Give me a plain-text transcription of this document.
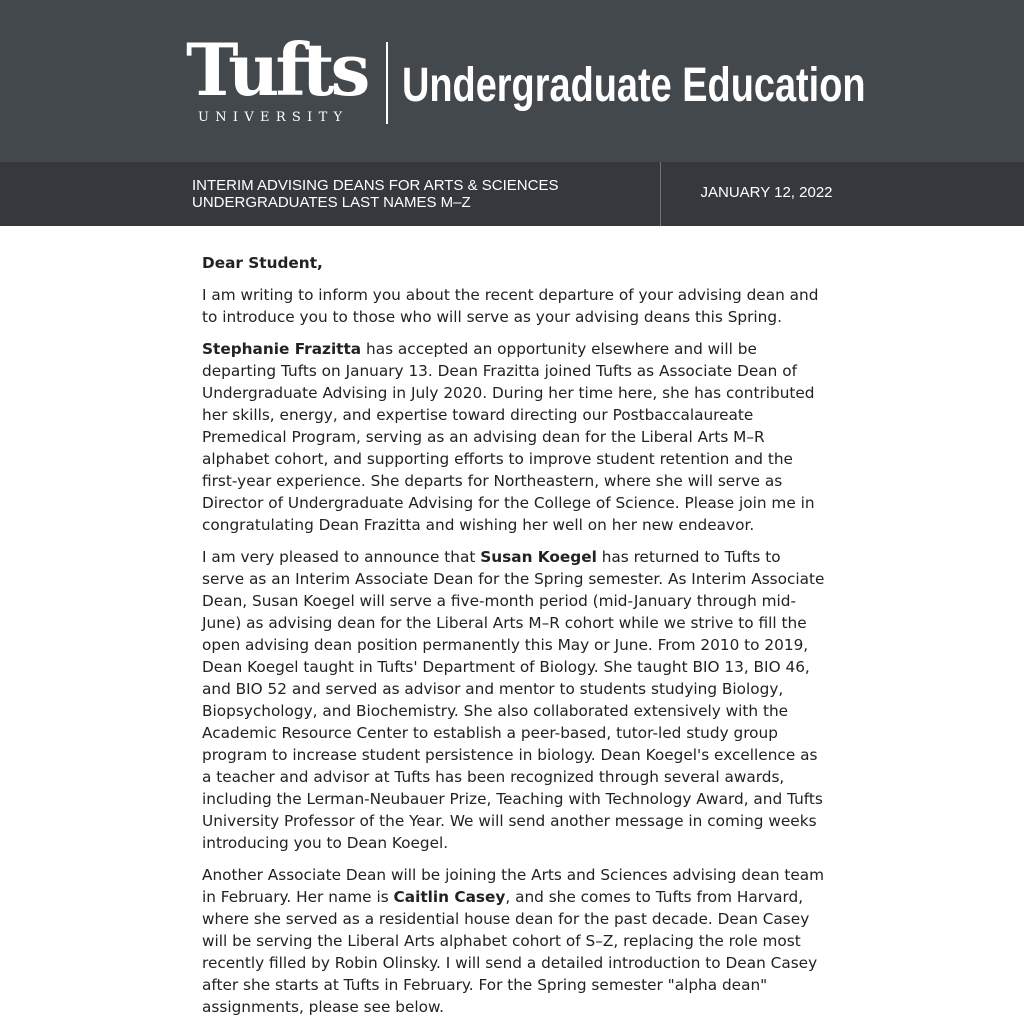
Tufts
UNIVERSITY
Undergraduate Education
INTERIM ADVISING DEANS FOR ARTS & SCIENCES UNDERGRADUATES LAST NAMES M–Z
JANUARY 12, 2022

Dear Student,

I am writing to inform you about the recent departure of your advising dean and to introduce you to those who will serve as your advising deans this Spring.

Stephanie Frazitta has accepted an opportunity elsewhere and will be departing Tufts on January 13. Dean Frazitta joined Tufts as Associate Dean of Undergraduate Advising in July 2020. During her time here, she has contributed her skills, energy, and expertise toward directing our Postbaccalaureate Premedical Program, serving as an advising dean for the Liberal Arts M–R alphabet cohort, and supporting efforts to improve student retention and the first-year experience. She departs for Northeastern, where she will serve as Director of Undergraduate Advising for the College of Science. Please join me in congratulating Dean Frazitta and wishing her well on her new endeavor.

I am very pleased to announce that Susan Koegel has returned to Tufts to serve as an Interim Associate Dean for the Spring semester. As Interim Associate Dean, Susan Koegel will serve a five-month period (mid-January through mid-June) as advising dean for the Liberal Arts M–R cohort while we strive to fill the open advising dean position permanently this May or June. From 2010 to 2019, Dean Koegel taught in Tufts' Department of Biology. She taught BIO 13, BIO 46, and BIO 52 and served as advisor and mentor to students studying Biology, Biopsychology, and Biochemistry. She also collaborated extensively with the Academic Resource Center to establish a peer-based, tutor-led study group program to increase student persistence in biology. Dean Koegel's excellence as a teacher and advisor at Tufts has been recognized through several awards, including the Lerman-Neubauer Prize, Teaching with Technology Award, and Tufts University Professor of the Year. We will send another message in coming weeks introducing you to Dean Koegel.

Another Associate Dean will be joining the Arts and Sciences advising dean team in February. Her name is Caitlin Casey, and she comes to Tufts from Harvard, where she served as a residential house dean for the past decade. Dean Casey will be serving the Liberal Arts alphabet cohort of S–Z, replacing the role most recently filled by Robin Olinsky. I will send a detailed introduction to Dean Casey after she starts at Tufts in February. For the Spring semester "alpha dean" assignments, please see below.
